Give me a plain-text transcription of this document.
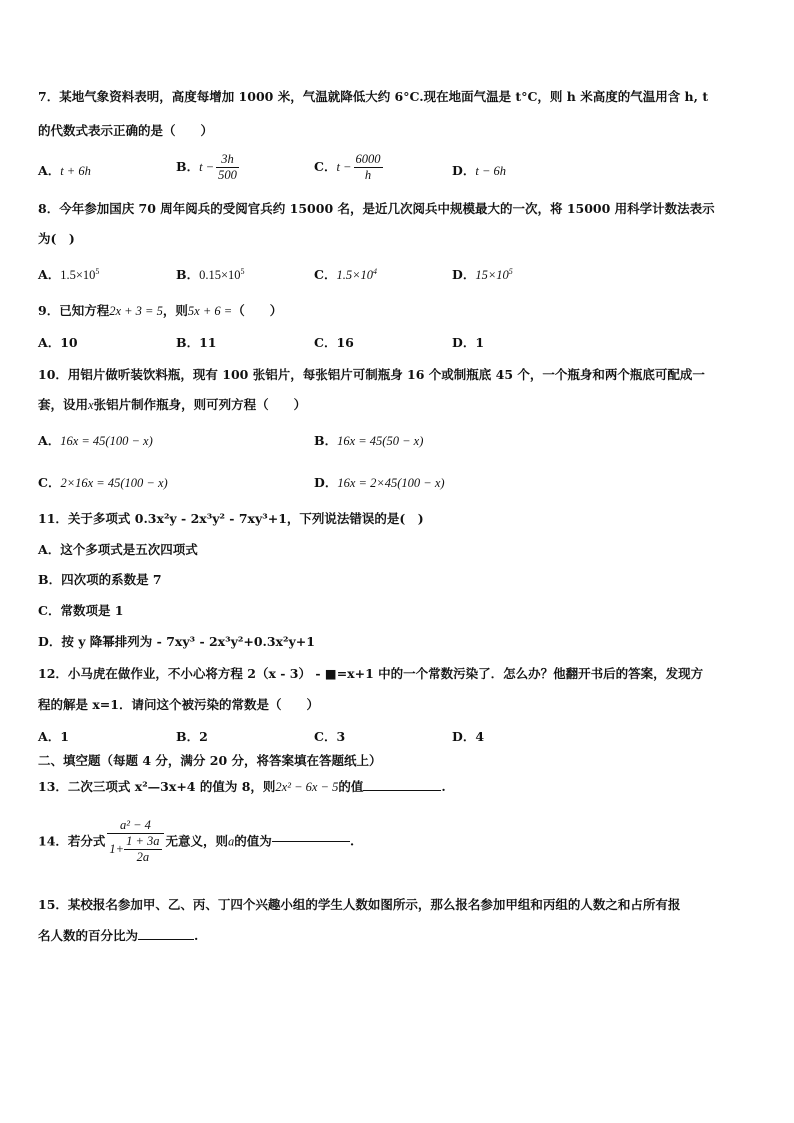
7．某地气象资料表明，高度每增加 1000 米，气温就降低大约 6°C.现在地面气温是 t°C，则 h 米高度的气温用含 h, t
的代数式表示正确的是（　　）
A．t + 6h	B．$t - \frac{3h}{500}$	C．$t - \frac{6000}{h}$	D．t − 6h
8．今年参加国庆 70 周年阅兵的受阅官兵约 15000 名，是近几次阅兵中规模最大的一次，将 15000 用科学计数法表示
为(　)
A．$1.5\times 10^5$	B．$0.15\times 10^5$	C．$1.5\times 10^4$	D．$15\times 10^5$
9．已知方程2x + 3 = 5，则5x + 6 =（　　）
A．10	B．11	C．16	D．1
10．用铝片做听装饮料瓶，现有 100 张铝片，每张铝片可制瓶身 16 个或制瓶底 45 个，一个瓶身和两个瓶底可配成一
套，设用x张铝片制作瓶身，则可列方程（　　）
A．16x = 45(100 − x)	B．16x = 45(50 − x)
C．2×16x = 45(100 − x)	D．16x = 2×45(100 − x)
11．关于多项式 0.3x²y - 2x³y² - 7xy³+1，下列说法错误的是(　)
A．这个多项式是五次四项式
B．四次项的系数是 7
C．常数项是 1
D．按 y 降幂排列为 - 7xy³ - 2x³y²+0.3x²y+1
12．小马虎在做作业，不小心将方程 2（x - 3） - ■=x+1 中的一个常数污染了．怎么办？他翻开书后的答案，发现方
程的解是 x=1．请问这个被污染的常数是（　　）
A．1	B．2	C．3	D．4
二、填空题（每题 4 分，满分 20 分，将答案填在答题纸上）
13．二次三项式 x²—3x+4 的值为 8，则2x² − 6x − 5的值	.
14．若分式 $\frac{\text{a² − 4}}{1+ \frac{1 + 3a}{2a}}$ 无意义，则a的值为	.
15．某校报名参加甲、乙、丙、丁四个兴趣小组的学生人数如图所示，那么报名参加甲组和丙组的人数之和占所有报
名人数的百分比为	.
